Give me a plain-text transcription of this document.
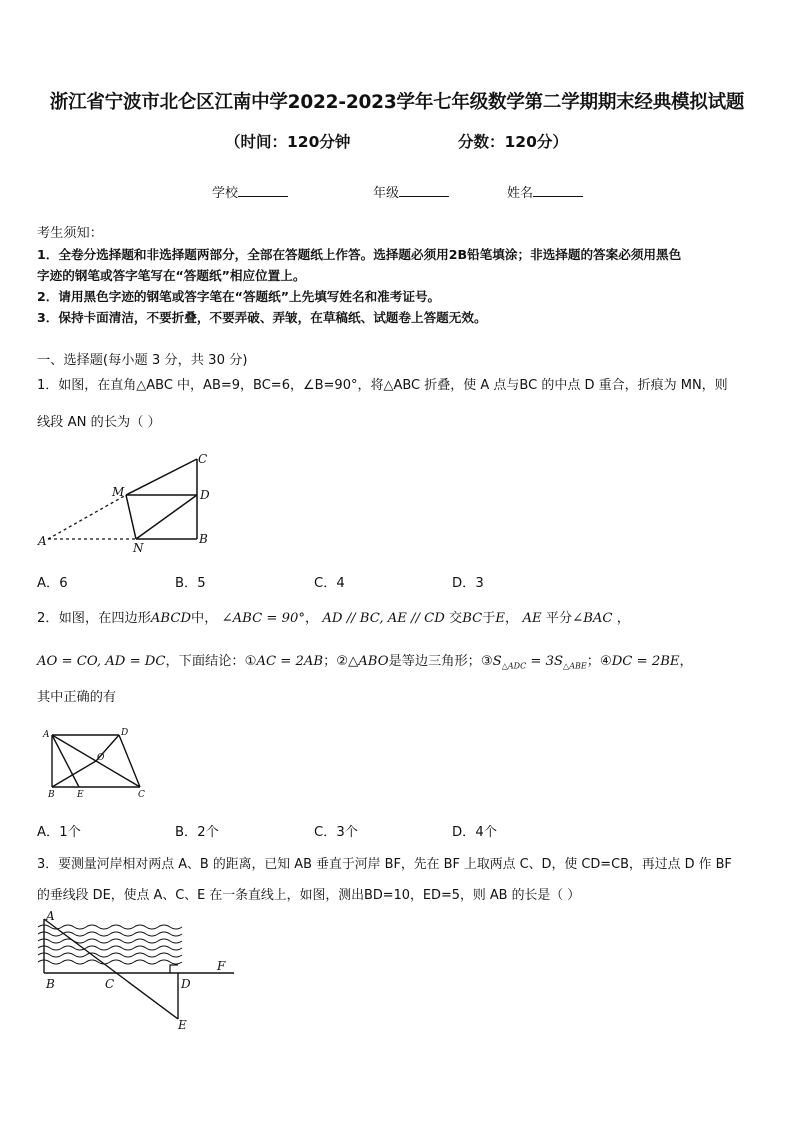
浙江省宁波市北仑区江南中学2022-2023学年七年级数学第二学期期末经典模拟试题
（时间：120分钟	分数：120分）
学校	年级	姓名
考生须知：
1．全卷分选择题和非选择题两部分，全部在答题纸上作答。选择题必须用2B铅笔填涂；非选择题的答案必须用黑色
字迹的钢笔或答字笔写在“答题纸”相应位置上。
2．请用黑色字迹的钢笔或答字笔在“答题纸”上先填写姓名和准考证号。
3．保持卡面清洁，不要折叠，不要弄破、弄皱，在草稿纸、试题卷上答题无效。
一、选择题(每小题 3 分，共 30 分)
1．如图，在直角△ABC 中，AB=9，BC=6，∠B=90°，将△ABC 折叠，使 A 点与BC 的中点 D 重合，折痕为 MN，则
线段 AN 的长为（ ）
A
M
N
B
D
C
A．6	B．5	C．4	D．3
2．如图，在四边形ABCD中， ∠ABC = 90°， AD // BC, AE // CD 交BC于E， AE 平分∠BAC ，
AO = CO, AD = DC，下面结论：①AC = 2AB；②△ABO是等边三角形；$③S_{\triangle ADC} = 3S_{\triangle ABE}$；④DC = 2BE，
其中正确的有
A	D
O
B E	C
A．1个	B．2个	C．3个	D．4个
3．要测量河岸相对两点 A、B 的距离，已知 AB 垂直于河岸 BF，先在 BF 上取两点 C、D，使 CD=CB，再过点 D 作 BF
的垂线段 DE，使点 A、C、E 在一条直线上，如图，测出BD=10，ED=5，则 AB 的长是（ ）
A
B	C	D
F
E
